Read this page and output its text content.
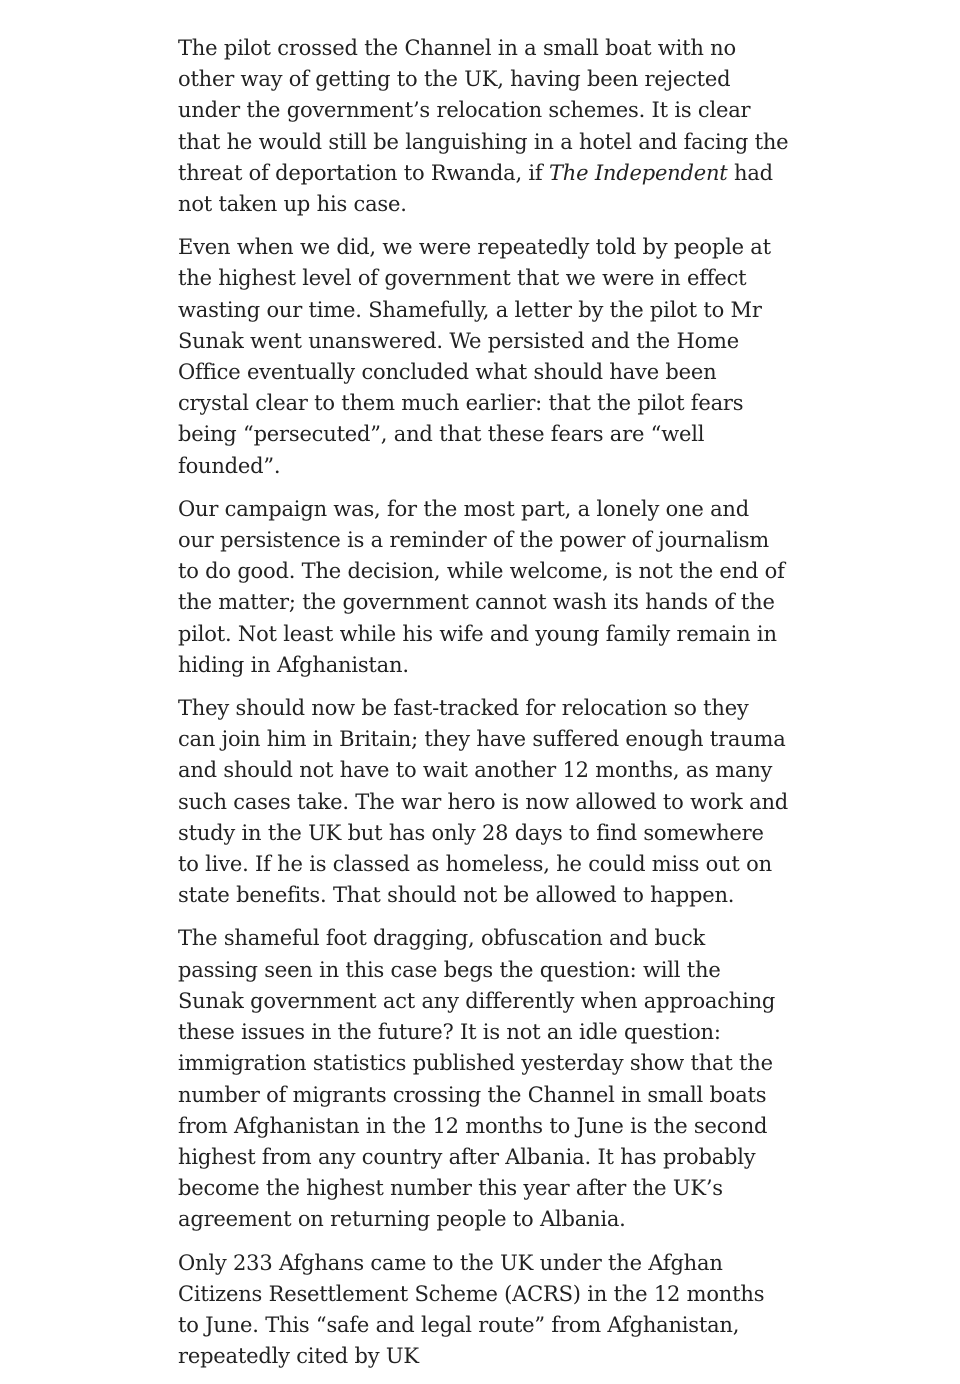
The pilot crossed the Channel in a small boat with no other way of getting to the UK, having been rejected under the government’s relocation schemes. It is clear that he would still be languishing in a hotel and facing the threat of deportation to Rwanda, if The Independent had not taken up his case.

Even when we did, we were repeatedly told by people at the highest level of government that we were in effect wasting our time. Shamefully, a letter by the pilot to Mr Sunak went unanswered. We persisted and the Home Office eventually concluded what should have been crystal clear to them much earlier: that the pilot fears being “persecuted”, and that these fears are “well founded”.

Our campaign was, for the most part, a lonely one and our persistence is a reminder of the power of journalism to do good. The decision, while welcome, is not the end of the matter; the government cannot wash its hands of the pilot. Not least while his wife and young family remain in hiding in Afghanistan.

They should now be fast-tracked for relocation so they can join him in Britain; they have suffered enough trauma and should not have to wait another 12 months, as many such cases take. The war hero is now allowed to work and study in the UK but has only 28 days to find somewhere to live. If he is classed as homeless, he could miss out on state benefits. That should not be allowed to happen.

The shameful foot dragging, obfuscation and buck passing seen in this case begs the question: will the Sunak government act any differently when approaching these issues in the future? It is not an idle question: immigration statistics published yesterday show that the number of migrants crossing the Channel in small boats from Afghanistan in the 12 months to June is the second highest from any country after Albania. It has probably become the highest number this year after the UK’s agreement on returning people to Albania.

Only 233 Afghans came to the UK under the Afghan Citizens Resettlement Scheme (ACRS) in the 12 months to June. This “safe and legal route” from Afghanistan, repeatedly cited by UK
